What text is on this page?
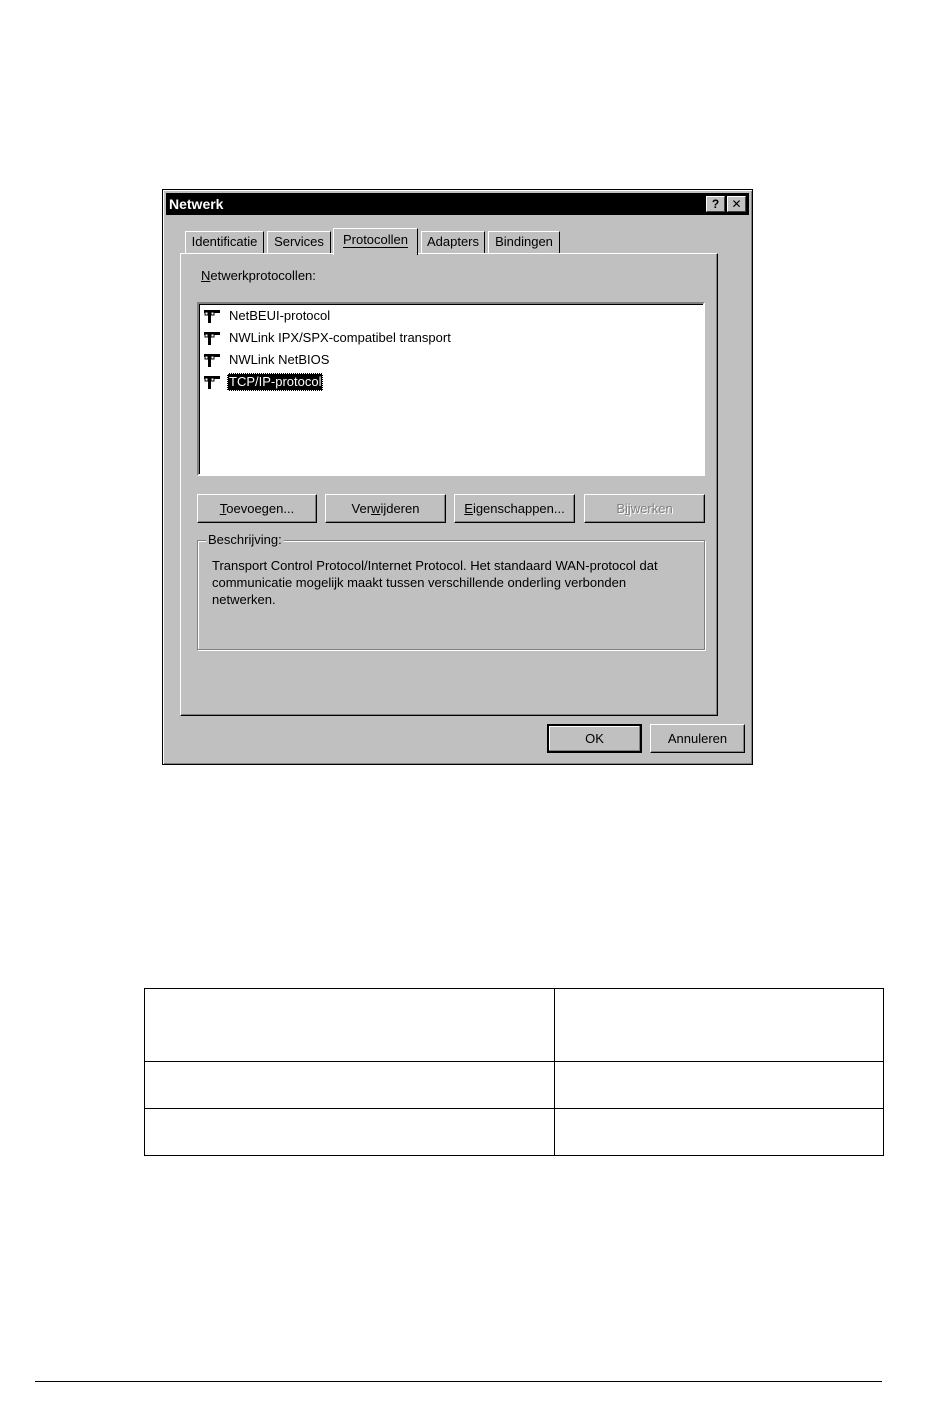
Netwerk	?	✕
Identificatie	Services	Protocollen	Adapters	Bindingen
Netwerkprotocollen:
NetBEUI-protocol
NWLink IPX/SPX-compatibel transport
NWLink NetBIOS
TCP/IP-protocol
Toevoegen...	Verwijderen	Eigenschappen...	Bijwerken
Beschrijving:
Transport Control Protocol/Internet Protocol. Het standaard WAN-protocol dat communicatie mogelijk maakt tussen verschillende onderling verbonden netwerken.
OK	Annuleren
